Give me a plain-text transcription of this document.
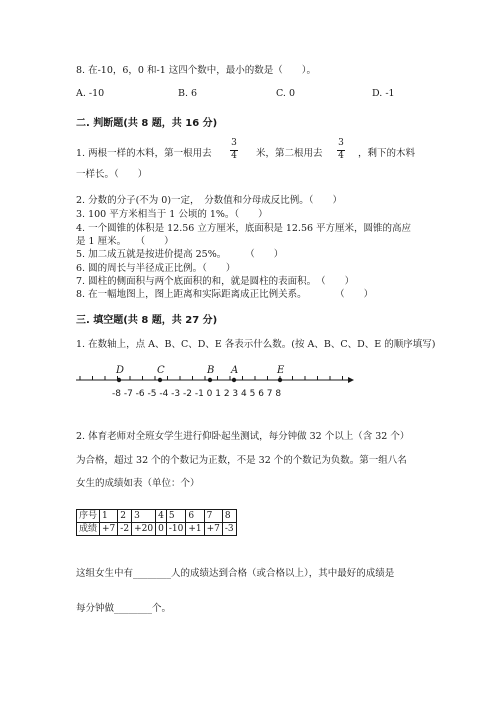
8. 在-10，6，0 和-1 这四个数中，最小的数是（　　）。
A. -10	B. 6	C. 0	D. -1
二. 判断题(共 8 题，共 16 分)
1. 两根一样的木料，第一根用去
3
4 米，第二根用去
3
4 ，剩下的木料
一样长。（　　）
2. 分数的分子(不为 0)一定，　分数值和分母成反比例。（　　）
3. 100 平方米相当于 1 公顷的 1%。（　　）
4. 一个圆锥的体积是 12.56 立方厘米，底面积是 12.56 平方厘米，圆锥的高应
是 1 厘米。　　（　　）
5. 加二成五就是按进价提高 25%。　　　（　　）
6. 圆的周长与半径成正比例。（　　）
7. 圆柱的侧面积与两个底面积的和，就是圆柱的表面积。　（　　）
8. 在一幅地图上，图上距离和实际距离成正比例关系。　　　　（　　）
三. 填空题(共 8 题，共 27 分)
1. 在数轴上，点 A、B、C、D、E 各表示什么数。(按 A、B、C、D、E 的顺序填写)
D	C	B A	E
-8 -7 -6 -5 -4 -3 -2 -1 0 1 2 3 4 5 6 7 8
2. 体育老师对全班女学生进行仰卧起坐测试，每分钟做 32 个以上（含 32 个）
为合格，超过 32 个的个数记为正数，不是 32 个的个数记为负数。第一组八名
女生的成绩如表（单位：个）
序号	1	2	3	4	5	6	7	8
成绩	+7	-2	+20	0	-10	+1	+7	-3
这组女生中有________人的成绩达到合格（或合格以上），其中最好的成绩是
每分钟做________个。
